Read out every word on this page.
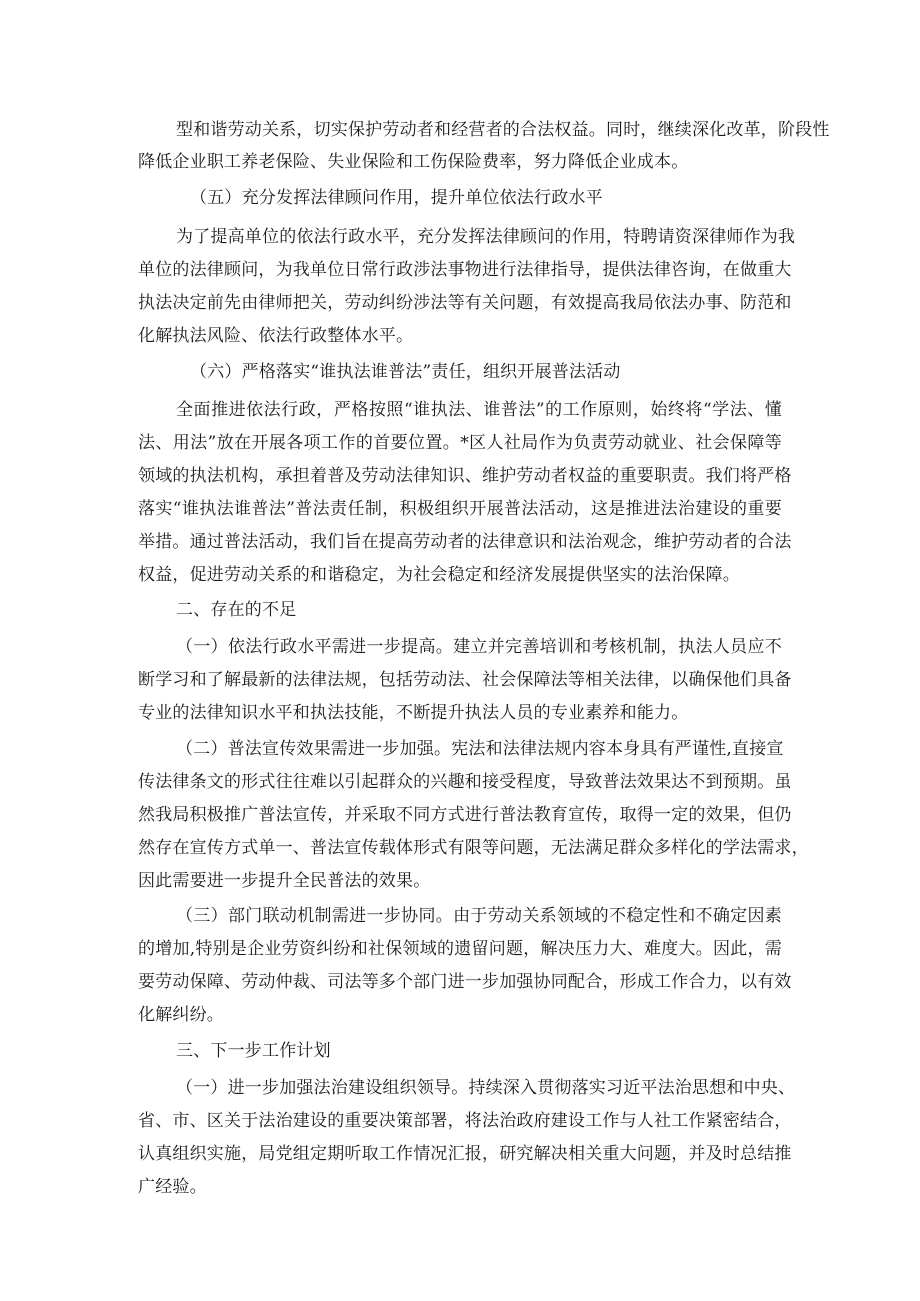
型和谐劳动关系，切实保护劳动者和经营者的合法权益。同时，继续深化改革，阶段性
降低企业职工养老保险、失业保险和工伤保险费率，努力降低企业成本。
（五）充分发挥法律顾问作用，提升单位依法行政水平
为了提高单位的依法行政水平，充分发挥法律顾问的作用，特聘请资深律师作为我
单位的法律顾问，为我单位日常行政涉法事物进行法律指导，提供法律咨询，在做重大
执法决定前先由律师把关，劳动纠纷涉法等有关问题，有效提高我局依法办事、防范和
化解执法风险、依法行政整体水平。
（六）严格落实“谁执法谁普法”责任，组织开展普法活动
全面推进依法行政，严格按照“谁执法、谁普法”的工作原则，始终将“学法、懂
法、用法”放在开展各项工作的首要位置。*区人社局作为负责劳动就业、社会保障等
领域的执法机构，承担着普及劳动法律知识、维护劳动者权益的重要职责。我们将严格
落实“谁执法谁普法”普法责任制，积极组织开展普法活动，这是推进法治建设的重要
举措。通过普法活动，我们旨在提高劳动者的法律意识和法治观念，维护劳动者的合法
权益，促进劳动关系的和谐稳定，为社会稳定和经济发展提供坚实的法治保障。
二、存在的不足
（一）依法行政水平需进一步提高。建立并完善培训和考核机制，执法人员应不
断学习和了解最新的法律法规，包括劳动法、社会保障法等相关法律，以确保他们具备
专业的法律知识水平和执法技能，不断提升执法人员的专业素养和能力。
（二）普法宣传效果需进一步加强。宪法和法律法规内容本身具有严谨性,直接宣
传法律条文的形式往往难以引起群众的兴趣和接受程度，导致普法效果达不到预期。虽
然我局积极推广普法宣传，并采取不同方式进行普法教育宣传，取得一定的效果，但仍
然存在宣传方式单一、普法宣传载体形式有限等问题，无法满足群众多样化的学法需求，
因此需要进一步提升全民普法的效果。
（三）部门联动机制需进一步协同。由于劳动关系领域的不稳定性和不确定因素
的增加,特别是企业劳资纠纷和社保领域的遗留问题，解决压力大、难度大。因此，需
要劳动保障、劳动仲裁、司法等多个部门进一步加强协同配合，形成工作合力，以有效
化解纠纷。
三、下一步工作计划
（一）进一步加强法治建设组织领导。持续深入贯彻落实习近平法治思想和中央、
省、市、区关于法治建设的重要决策部署，将法治政府建设工作与人社工作紧密结合，
认真组织实施，局党组定期听取工作情况汇报，研究解决相关重大问题，并及时总结推
广经验。
